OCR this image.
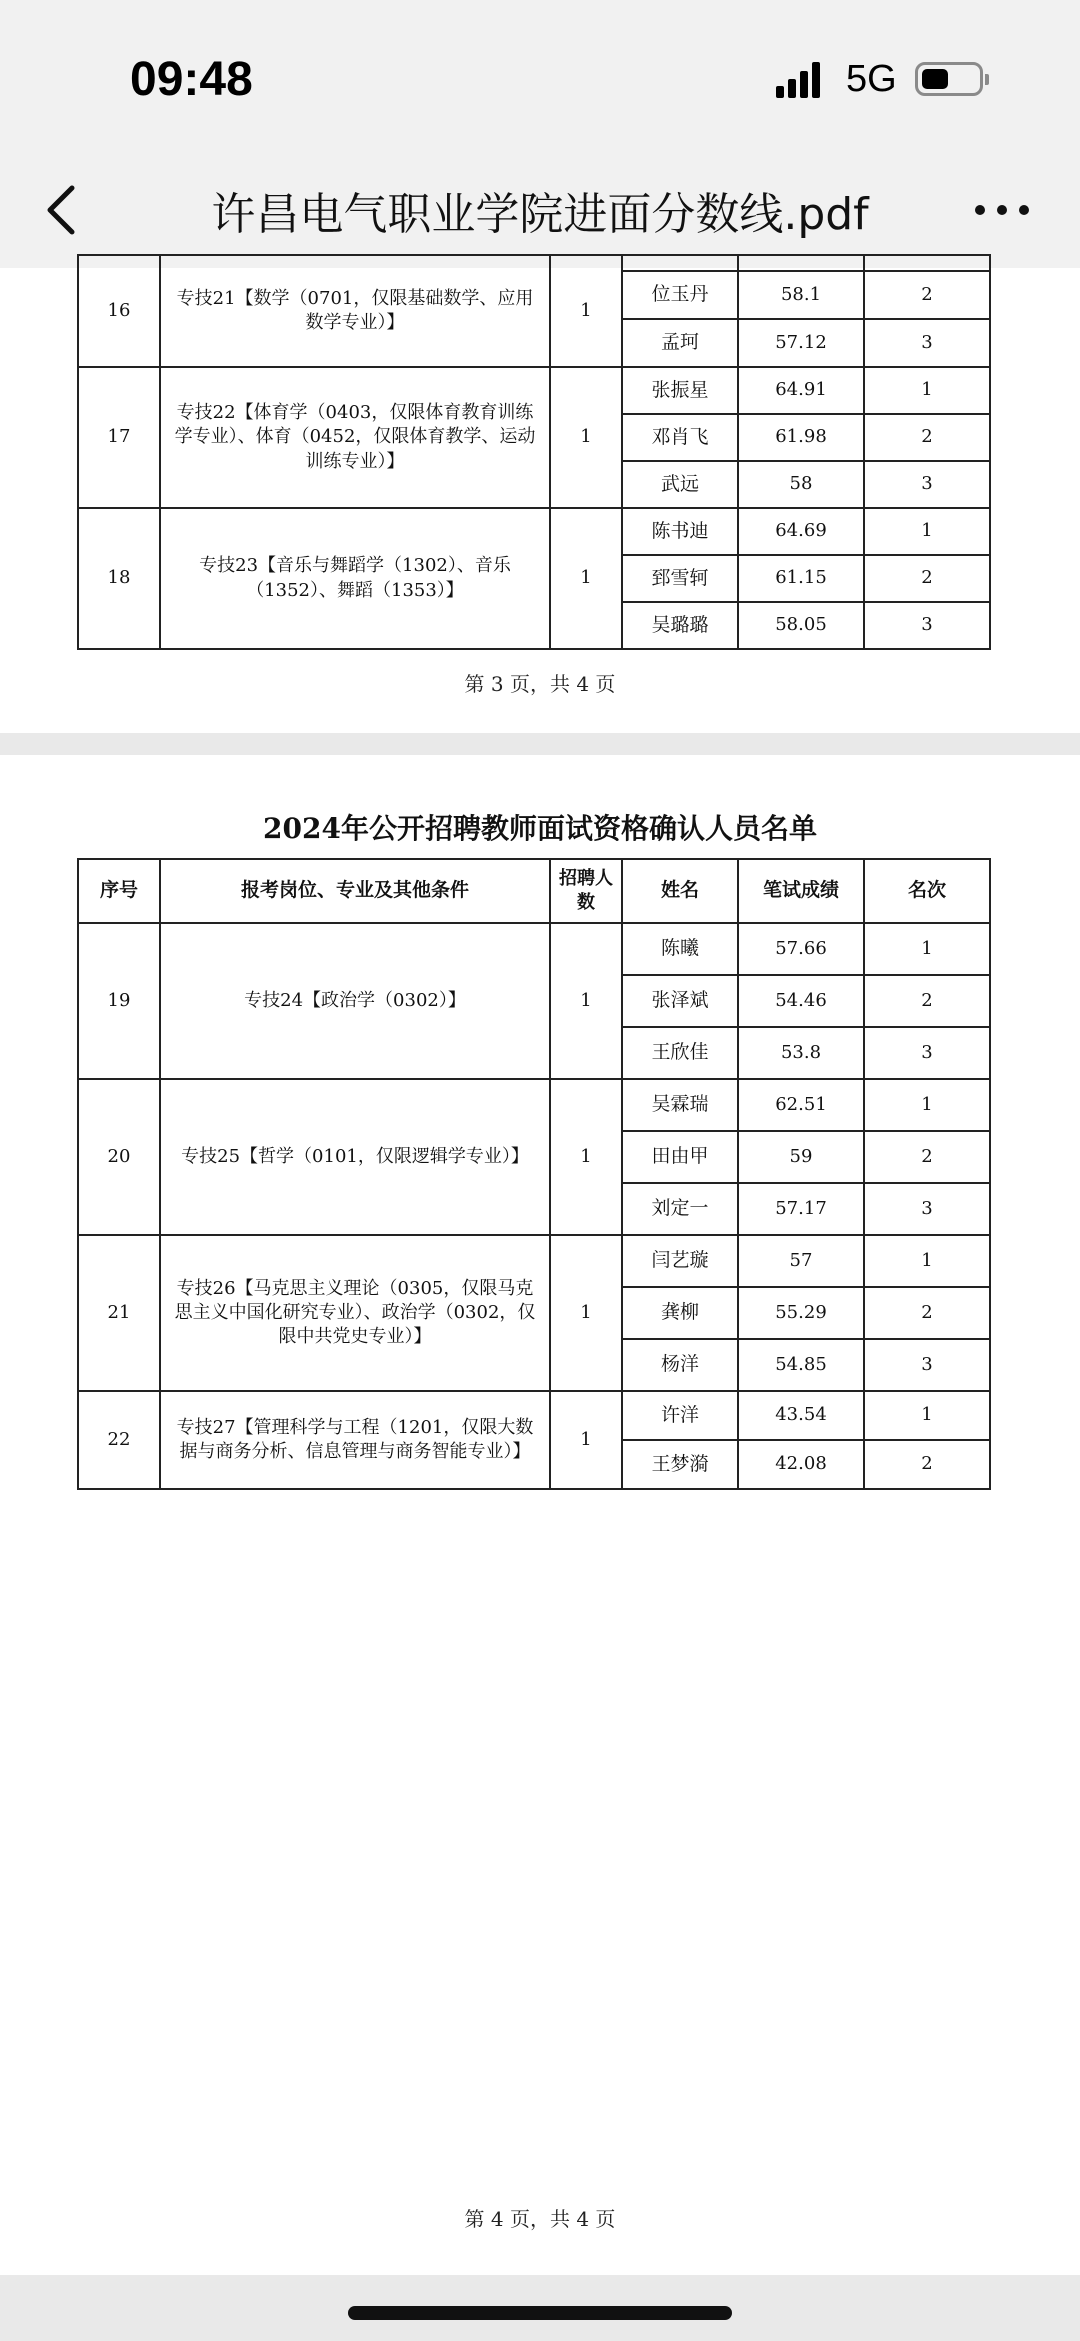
09:48	5G
许昌电气职业学院进面分数线.pdf
16	专技21【数学（0701，仅限基础数学、应用数学专业）】	1			
			位玉丹	58.1	2
			孟珂	57.12	3
17	专技22【体育学（0403，仅限体育教育训练学专业）、体育（0452，仅限体育教学、运动训练专业）】	1	张振星	64.91	1
			邓肖飞	61.98	2
			武远	58	3
18	专技23【音乐与舞蹈学（1302）、音乐（1352）、舞蹈（1353）】	1	陈书迪	64.69	1
			郅雪轲	61.15	2
			吴璐璐	58.05	3
第 3 页，共 4 页
2024年公开招聘教师面试资格确认人员名单
序号	报考岗位、专业及其他条件	招聘人数	姓名	笔试成绩	名次
19	专技24【政治学（0302）】	1	陈曦	57.66	1
			张泽斌	54.46	2
			王欣佳	53.8	3
20	专技25【哲学（0101，仅限逻辑学专业）】	1	吴霖瑞	62.51	1
			田由甲	59	2
			刘定一	57.17	3
21	专技26【马克思主义理论（0305，仅限马克思主义中国化研究专业）、政治学（0302，仅限中共党史专业）】	1	闫艺璇	57	1
			龚柳	55.29	2
			杨洋	54.85	3
22	专技27【管理科学与工程（1201，仅限大数据与商务分析、信息管理与商务智能专业）】	1	许洋	43.54	1
			王梦漪	42.08	2
第 4 页，共 4 页
